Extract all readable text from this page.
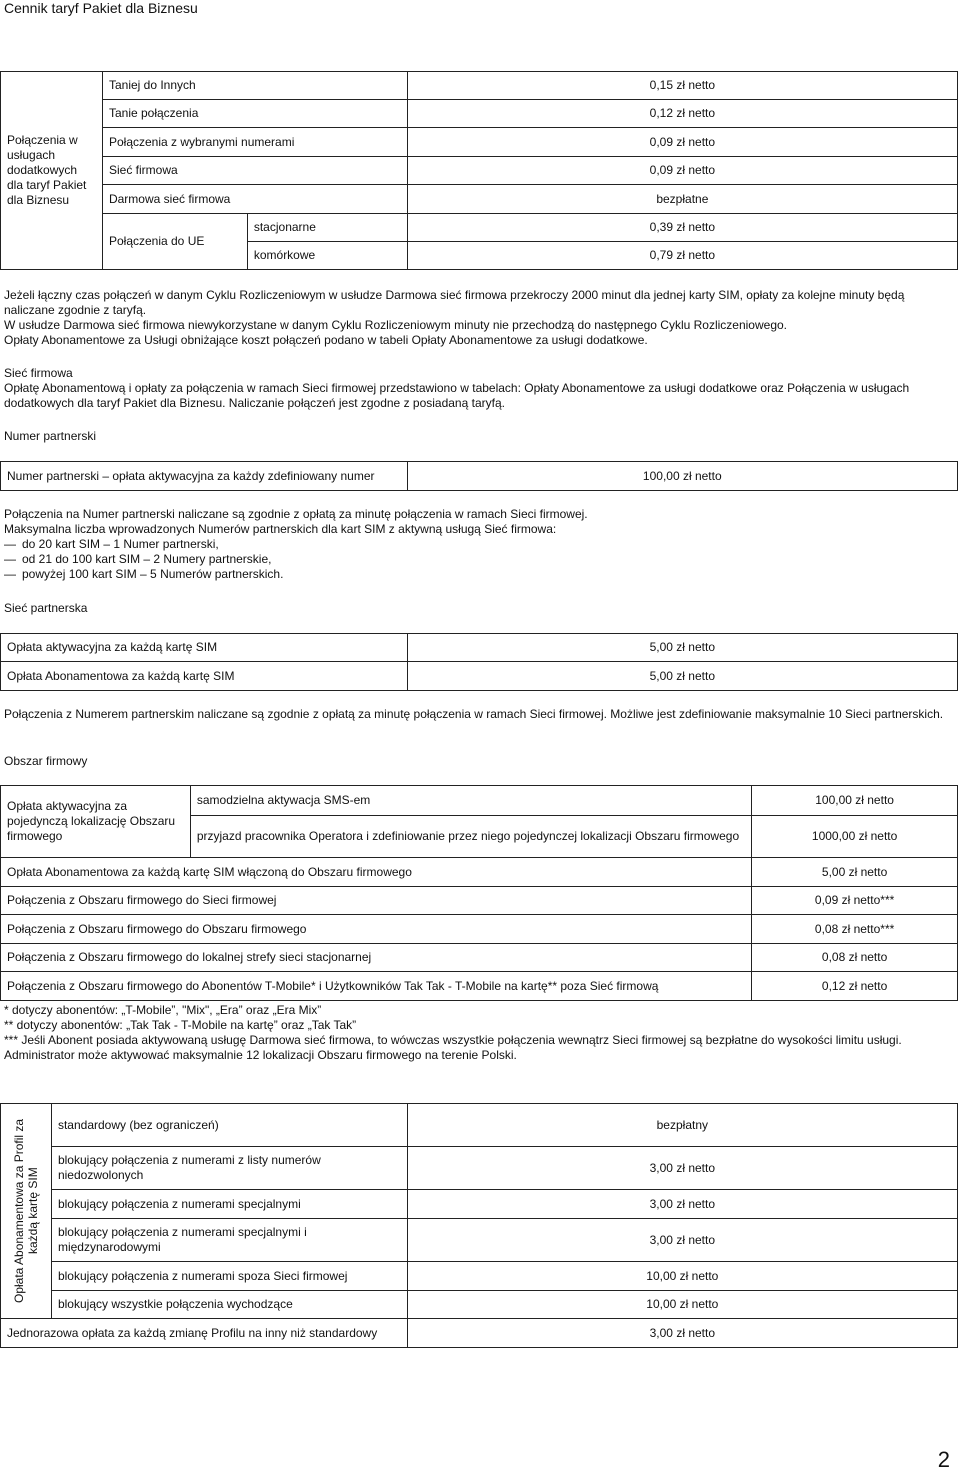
Cennik taryf Pakiet dla Biznesu
Połączenia w usługach dodatkowych dla taryf Pakiet dla Biznesu	Taniej do Innych		0,15 zł netto
	Tanie połączenia		0,12 zł netto
	Połączenia z wybranymi numerami		0,09 zł netto
	Sieć firmowa		0,09 zł netto
	Darmowa sieć firmowa		bezpłatne
	Połączenia do UE	stacjonarne	0,39 zł netto
		komórkowe	0,79 zł netto
Jeżeli łączny czas połączeń w danym Cyklu Rozliczeniowym w usłudze Darmowa sieć firmowa przekroczy 2000 minut dla jednej karty SIM, opłaty za kolejne minuty będą naliczane zgodnie z taryfą.
W usłudze Darmowa sieć firmowa niewykorzystane w danym Cyklu Rozliczeniowym minuty nie przechodzą do następnego Cyklu Rozliczeniowego.
Opłaty Abonamentowe za Usługi obniżające koszt połączeń podano w tabeli Opłaty Abonamentowe za usługi dodatkowe.
Sieć firmowa
Opłatę Abonamentową i opłaty za połączenia w ramach Sieci firmowej przedstawiono w tabelach: Opłaty Abonamentowe za usługi dodatkowe oraz Połączenia w usługach dodatkowych dla taryf Pakiet dla Biznesu. Naliczanie połączeń jest zgodne z posiadaną taryfą.
Numer partnerski
Numer partnerski – opłata aktywacyjna za każdy zdefiniowany numer	100,00 zł netto
Połączenia na Numer partnerski naliczane są zgodnie z opłatą za minutę połączenia w ramach Sieci firmowej.
Maksymalna liczba wprowadzonych Numerów partnerskich dla kart SIM z aktywną usługą Sieć firmowa:
— do 20 kart SIM – 1 Numer partnerski,
— od 21 do 100 kart SIM – 2 Numery partnerskie,
— powyżej 100 kart SIM – 5 Numerów partnerskich.
Sieć partnerska
Opłata aktywacyjna za każdą kartę SIM	5,00 zł netto
Opłata Abonamentowa za każdą kartę SIM	5,00 zł netto
Połączenia z Numerem partnerskim naliczane są zgodnie z opłatą za minutę połączenia w ramach Sieci firmowej. Możliwe jest zdefiniowanie maksymalnie 10 Sieci partnerskich.
Obszar firmowy
Opłata aktywacyjna za pojedynczą lokalizację Obszaru firmowego	samodzielna aktywacja SMS-em	100,00 zł netto
	przyjazd pracownika Operatora i zdefiniowanie przez niego pojedynczej lokalizacji Obszaru firmowego	1000,00 zł netto
Opłata Abonamentowa za każdą kartę SIM włączoną do Obszaru firmowego		5,00 zł netto
Połączenia z Obszaru firmowego do Sieci firmowej		0,09 zł netto***
Połączenia z Obszaru firmowego do Obszaru firmowego		0,08 zł netto***
Połączenia z Obszaru firmowego do lokalnej strefy sieci stacjonarnej		0,08 zł netto
Połączenia z Obszaru firmowego do Abonentów T-Mobile* i Użytkowników Tak Tak - T-Mobile na kartę** poza Sieć firmową		0,12 zł netto
* dotyczy abonentów: „T-Mobile”, "Mix", „Era” oraz „Era Mix”
** dotyczy abonentów: „Tak Tak - T-Mobile na kartę” oraz „Tak Tak”
*** Jeśli Abonent posiada aktywowaną usługę Darmowa sieć firmowa, to wówczas wszystkie połączenia wewnątrz Sieci firmowej są bezpłatne do wysokości limitu usługi.
Administrator może aktywować maksymalnie 12 lokalizacji Obszaru firmowego na terenie Polski.
Opłata Abonamentowa za Profil za każdą kartę SIM	standardowy (bez ograniczeń)	bezpłatny
	blokujący połączenia z numerami z listy numerów niedozwolonych	3,00 zł netto
	blokujący połączenia z numerami specjalnymi	3,00 zł netto
	blokujący połączenia z numerami specjalnymi i międzynarodowymi	3,00 zł netto
	blokujący połączenia z numerami spoza Sieci firmowej	10,00 zł netto
	blokujący wszystkie połączenia wychodzące	10,00 zł netto
Jednorazowa opłata za każdą zmianę Profilu na inny niż standardowy		3,00 zł netto
2
